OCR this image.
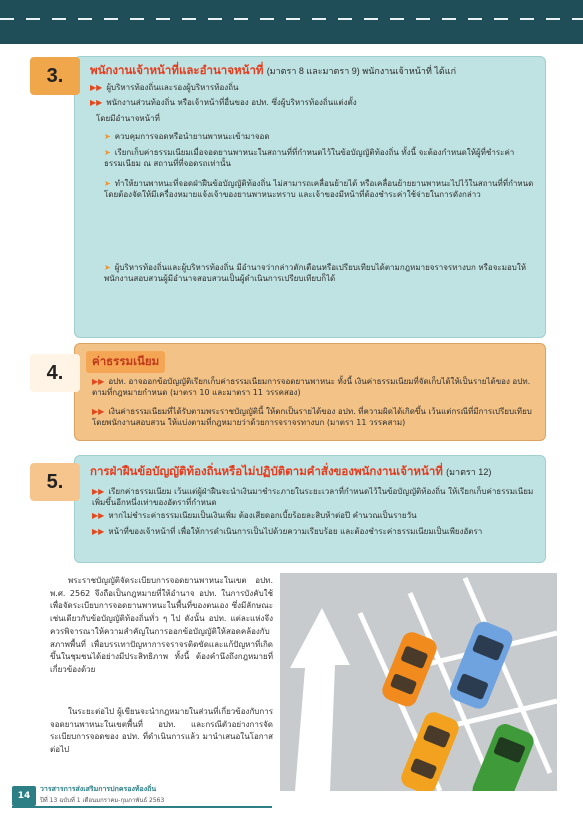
3.	พนักงานเจ้าหน้าที่และอำนาจหน้าที่ (มาตรา 8 และมาตรา 9) พนักงานเจ้าหน้าที่ ได้แก่
▶▶ ผู้บริหารท้องถิ่นและรองผู้บริหารท้องถิ่น
▶▶ พนักงานส่วนท้องถิ่น หรือเจ้าหน้าที่อื่นของ อปท. ซึ่งผู้บริหารท้องถิ่นแต่งตั้ง
โดยมีอำนาจหน้าที่
➤ ควบคุมการจอดหรือนำยานพาหนะเข้ามาจอด
➤ เรียกเก็บค่าธรรมเนียมเมื่อจอดยานพาหนะในสถานที่ที่กำหนดไว้ในข้อบัญญัติท้องถิ่น ทั้งนี้ จะต้องกำหนดให้ผู้ที่ชำระค่าธรรมเนียม ณ สถานที่ที่จอดรถเท่านั้น
➤ ทำให้ยานพาหนะที่จอดฝ่าฝืนข้อบัญญัติท้องถิ่น ไม่สามารถเคลื่อนย้ายได้ หรือเคลื่อนย้ายยานพาหนะไปไว้ในสถานที่ที่กำหนด โดยต้องจัดให้มีเครื่องหมายแจ้งเจ้าของยานพาหนะทราบ และเจ้าของมีหน้าที่ต้องชำระค่าใช้จ่ายในการดังกล่าว
➤ ผู้บริหารท้องถิ่นและผู้บริหารท้องถิ่น มีอำนาจว่ากล่าวตักเตือนหรือเปรียบเทียบได้ตามกฎหมายจราจรทางบก หรือจะมอบให้พนักงานสอบสวนผู้มีอำนาจสอบสวนเป็นผู้ดำเนินการเปรียบเทียบก็ได้
4.	ค่าธรรมเนียม
▶▶ อปท. อาจออกข้อบัญญัติเรียกเก็บค่าธรรมเนียมการจอดยานพาหนะ ทั้งนี้ เงินค่าธรรมเนียมที่จัดเก็บได้ให้เป็นรายได้ของ อปท. ตามที่กฎหมายกำหนด (มาตรา 10 และมาตรา 11 วรรคสอง)
▶▶ เงินค่าธรรมเนียมที่ได้รับตามพระราชบัญญัตินี้ ให้ตกเป็นรายได้ของ อปท. ที่ความผิดได้เกิดขึ้น เว้นแต่กรณีที่มีการเปรียบเทียบโดยพนักงานสอบสวน ให้แบ่งตามที่กฎหมายว่าด้วยการจราจรทางบก (มาตรา 11 วรรคสาม)
5.	การฝ่าฝืนข้อบัญญัติท้องถิ่นหรือไม่ปฏิบัติตามคำสั่งของพนักงานเจ้าหน้าที่ (มาตรา 12)
▶▶ เรียกค่าธรรมเนียม เว้นแต่ผู้ฝ่าฝืนจะนำเงินมาชำระภายในระยะเวลาที่กำหนดไว้ในข้อบัญญัติท้องถิ่น ให้เรียกเก็บค่าธรรมเนียมเพิ่มขึ้นอีกหนึ่งเท่าของอัตราที่กำหนด
▶▶ หากไม่ชำระค่าธรรมเนียมเป็นเงินเพิ่ม ต้องเสียดอกเบี้ยร้อยละสิบห้าต่อปี คำนวณเป็นรายวัน
▶▶ หน้าที่ของเจ้าหน้าที่ เพื่อให้การดำเนินการเป็นไปด้วยความเรียบร้อย และต้องชำระค่าธรรมเนียมเป็นเพียงอัตรา
พระราชบัญญัติจัดระเบียบการจอดยานพาหนะในเขต อปท. พ.ศ. 2562 จึงถือเป็นกฎหมายที่ให้อำนาจ อปท. ในการบังคับใช้เพื่อจัดระเบียบการจอดยานพาหนะในพื้นที่ของตนเอง ซึ่งมีลักษณะเช่นเดียวกับข้อบัญญัติท้องถิ่นทั่ว ๆ ไป ดังนั้น อปท. แต่ละแห่งจึงควรพิจารณาให้ความสำคัญในการออกข้อบัญญัติให้สอดคล้องกับสภาพพื้นที่ เพื่อบรรเทาปัญหาการจราจรติดขัดและแก้ปัญหาที่เกิดขึ้นในชุมชนได้อย่างมีประสิทธิภาพ ทั้งนี้ ต้องคำนึงถึงกฎหมายที่เกี่ยวข้องด้วย
ในระยะต่อไป ผู้เขียนจะนำกฎหมายในส่วนที่เกี่ยวข้องกับการจอดยานพาหนะในเขตพื้นที่ อปท. และกรณีตัวอย่างการจัดระเบียบการจอดของ อปท. ที่ดำเนินการแล้ว มานำเสนอในโอกาสต่อไป
14
วารสารการส่งเสริมการปกครองท้องถิ่น
ปีที่ 13 ฉบับที่ 1 เดือนมกราคม-กุมภาพันธ์ 2563
